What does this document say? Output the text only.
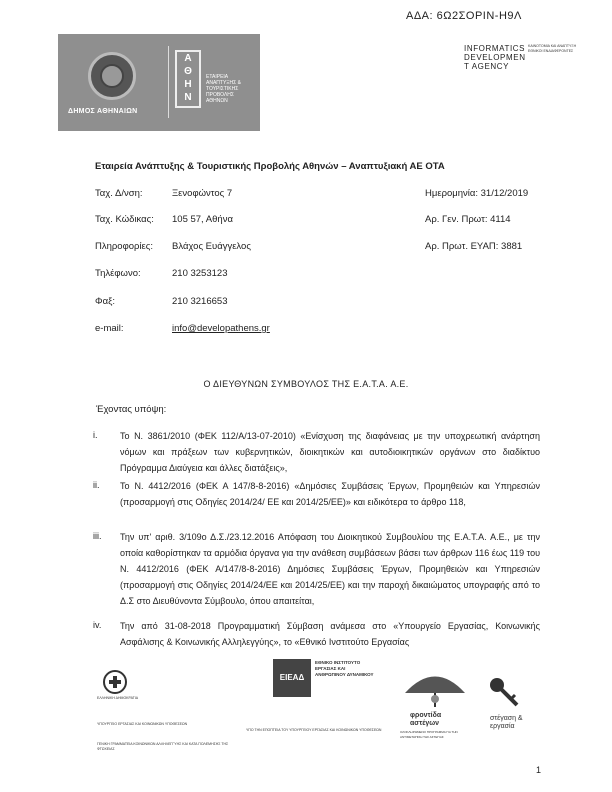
ΑΔΑ: 6Ω2ΣΟΡΙΝ-Η9Λ
ΔΗΜΟΣ ΑΘΗΝΑΙΩΝ
Α
Θ
Η
Ν
ΕΤΑΙΡΕΙΑ ΑΝΑΠΤΥΞΗΣ & ΤΟΥΡΙΣΤΙΚΗΣ ΠΡΟΒΟΛΗΣ ΑΘΗΝΩΝ
INFORMATICS DEVELOPMEN T AGENCY
ΚΑΙΝΟΤΟΜΙΑ ΚΑΙ ΑΝΑΠΤΥΞΗ ΕΘΝΙΚΟΙ ΕΝΔΙΑΦΕΡΟΝΤΕΣ
Εταιρεία Ανάπτυξης & Τουριστικής Προβολής Αθηνών – Αναπτυξιακή ΑΕ ΟΤΑ
Ταχ. Δ/νση:	Ξενοφώντος 7
Ταχ. Κώδικας: 105 57, Αθήνα
Πληροφορίες: Βλάχος Ευάγγελος
Τηλέφωνο:	210 3253123
Φαξ:	210 3216653
e-mail:	info@developathens.gr
Ημερομηνία: 31/12/2019
Αρ. Γεν. Πρωτ: 4114
Αρ. Πρωτ. ΕΥΑΠ: 3881
Ο ΔΙΕΥΘΥΝΩΝ ΣΥΜΒΟΥΛΟΣ ΤΗΣ Ε.Α.Τ.Α. Α.Ε.
Έχοντας υπόψη:
i.	Το Ν. 3861/2010 (ΦΕΚ 112/Α/13-07-2010) «Ενίσχυση της διαφάνειας με την υποχρεωτική ανάρτηση νόμων και πράξεων των κυβερνητικών, διοικητικών και αυτοδιοικητικών οργάνων στο διαδίκτυο Πρόγραμμα Διαύγεια και άλλες διατάξεις»,
ii. Το Ν. 4412/2016 (ΦΕΚ Α 147/8-8-2016) «Δημόσιες Συμβάσεις Έργων, Προμηθειών και Υπηρεσιών (προσαρμογή στις Οδηγίες 2014/24/ ΕΕ και 2014/25/ΕΕ)» και ειδικότερα το άρθρο 118,
iii. Την υπ' αριθ. 3/109ο Δ.Σ./23.12.2016 Απόφαση του Διοικητικού Συμβουλίου της Ε.Α.Τ.Α. Α.Ε., με την οποία καθορίστηκαν τα αρμόδια όργανα για την ανάθεση συμβάσεων βάσει των άρθρων 116 έως 119 του Ν. 4412/2016 (ΦΕΚ Α/147/8-8-2016) Δημόσιες Συμβάσεις Έργων, Προμηθειών και Υπηρεσιών (προσαρμογή στις Οδηγίες 2014/24/ΕΕ και 2014/25/ΕΕ) και την παροχή δικαιώματος υπογραφής από το Δ.Σ στο Διευθύνοντα Σύμβουλο, όπου απαιτείται,
iv. Την από 31-08-2018 Προγραμματική Σύμβαση ανάμεσα στο «Υπουργείο Εργασίας, Κοινωνικής Ασφάλισης & Κοινωνικής Αλληλεγγύης», το «Εθνικό Ινστιτούτο Εργασίας
ΕΛΛΗΝΙΚΗ ΔΗΜΟΚΡΑΤΙΑ
ΥΠΟΥΡΓΕΙΟ ΕΡΓΑΣΙΑΣ ΚΑΙ ΚΟΙΝΩΝΙΚΩΝ ΥΠΟΘΕΣΕΩΝ
ΓΕΝΙΚΗ ΓΡΑΜΜΑΤΕΙΑ ΚΟΙΝΩΝΙΚΩΝ ΑΛΛΗΛΕΓΓΥΗΣ ΚΑΙ ΚΑΤΑ ΠΟΛΕΜΗΣΗΣ ΤΗΣ ΦΤΩΧΕΙΑΣ
ΕΙΕΑΔ
ΕΘΝΙΚΟ ΙΝΣΤΙΤΟΥΤΟ ΕΡΓΑΣΙΑΣ ΚΑΙ ΑΝΘΡΩΠΙΝΟΥ ΔΥΝΑΜΙΚΟΥ
ΥΠΟ ΤΗΝ ΕΠΟΠΤΕΙΑ ΤΟΥ ΥΠΟΥΡΓΕΙΟΥ ΕΡΓΑΣΙΑΣ ΚΑΙ ΚΟΙΝΩΝΙΚΩΝ ΥΠΟΘΕΣΕΩΝ
φροντίδα
αστέγων
ΟΛΟΚΛΗΡΩΜΕΝΟ ΠΡΟΓΡΑΜΜΑ ΓΙΑ ΤΗΝ ΑΝΤΙΜΕΤΩΠΙΣΗ ΤΗΣ ΑΣΤΕΓΙΑΣ
στέγαση &
εργασία
1
